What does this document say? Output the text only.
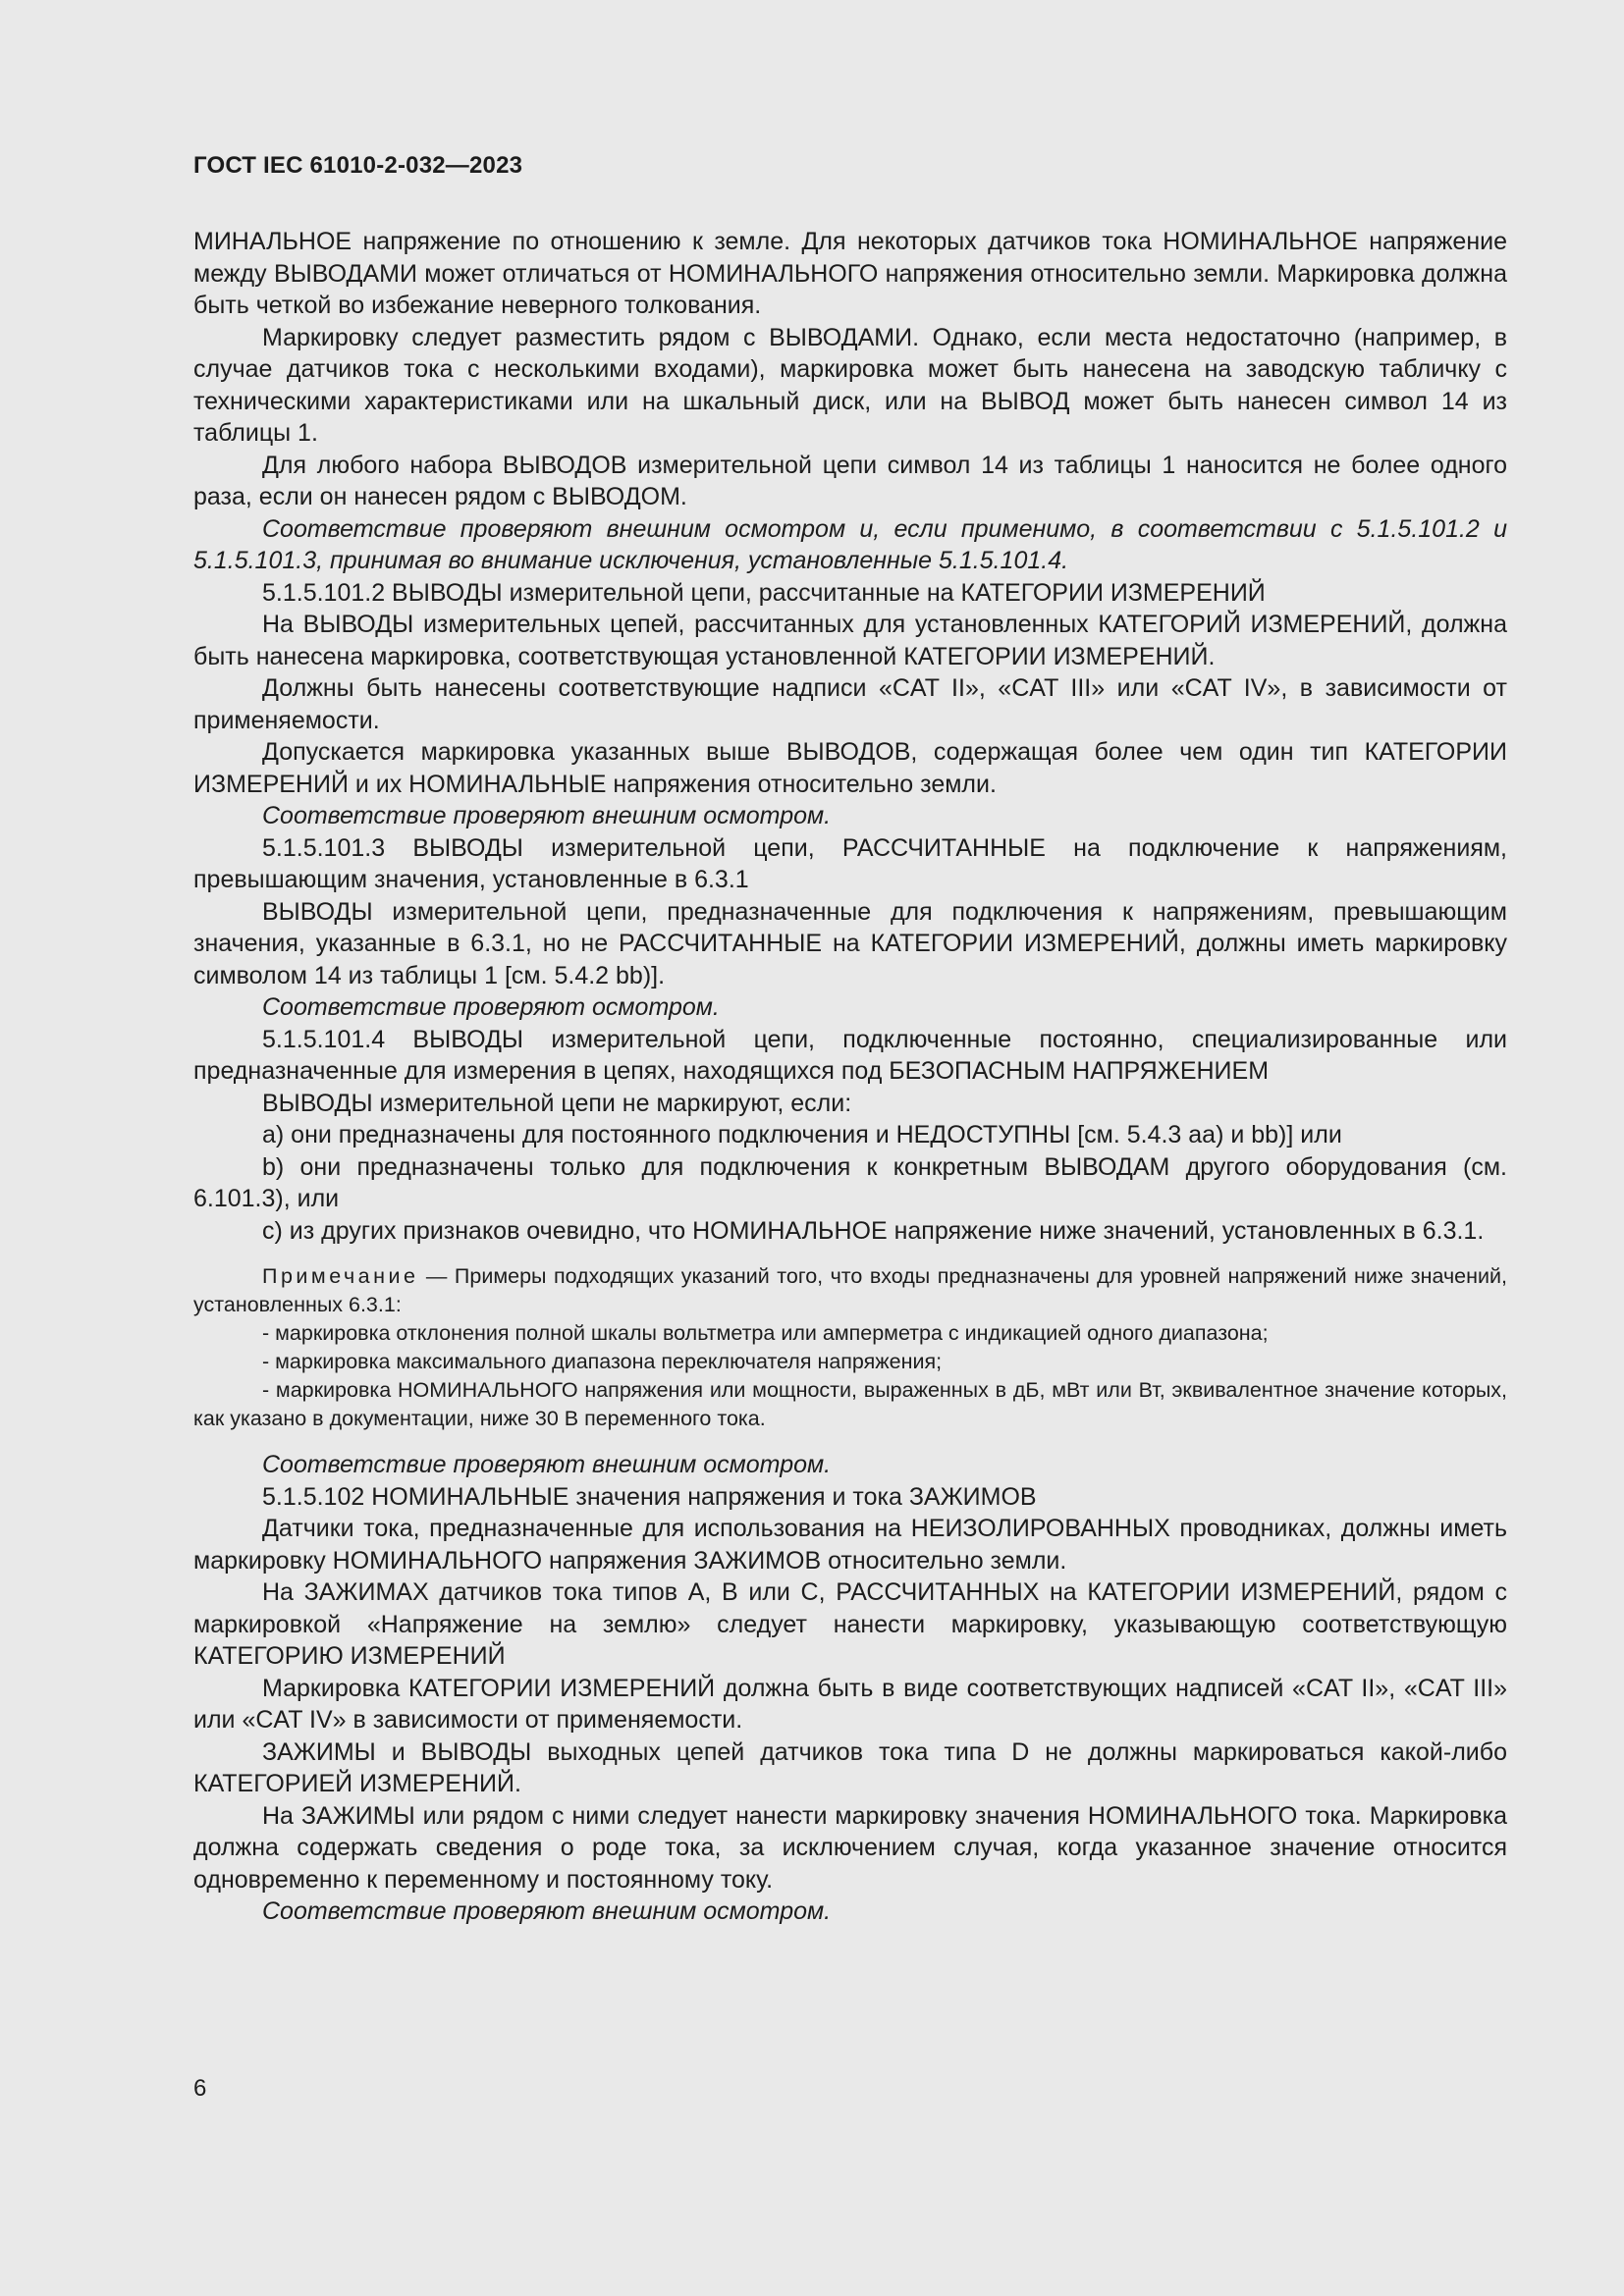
ГОСТ IEC 61010-2-032—2023

МИНАЛЬНОЕ напряжение по отношению к земле. Для некоторых датчиков тока НОМИНАЛЬНОЕ напряжение между ВЫВОДАМИ может отличаться от НОМИНАЛЬНОГО напряжения относительно земли. Маркировка должна быть четкой во избежание неверного толкования.

Маркировку следует разместить рядом с ВЫВОДАМИ. Однако, если места недостаточно (например, в случае датчиков тока с несколькими входами), маркировка может быть нанесена на заводскую табличку с техническими характеристиками или на шкальный диск, или на ВЫВОД может быть нанесен символ 14 из таблицы 1.

Для любого набора ВЫВОДОВ измерительной цепи символ 14 из таблицы 1 наносится не более одного раза, если он нанесен рядом с ВЫВОДОМ.

Соответствие проверяют внешним осмотром и, если применимо, в соответствии с 5.1.5.101.2 и 5.1.5.101.3, принимая во внимание исключения, установленные 5.1.5.101.4.

5.1.5.101.2 ВЫВОДЫ измерительной цепи, рассчитанные на КАТЕГОРИИ ИЗМЕРЕНИЙ

На ВЫВОДЫ измерительных цепей, рассчитанных для установленных КАТЕГОРИЙ ИЗМЕРЕНИЙ, должна быть нанесена маркировка, соответствующая установленной КАТЕГОРИИ ИЗМЕРЕНИЙ.

Должны быть нанесены соответствующие надписи «CAT II», «CAT III» или «CAT IV», в зависимости от применяемости.

Допускается маркировка указанных выше ВЫВОДОВ, содержащая более чем один тип КАТЕГОРИИ ИЗМЕРЕНИЙ и их НОМИНАЛЬНЫЕ напряжения относительно земли.

Соответствие проверяют внешним осмотром.

5.1.5.101.3 ВЫВОДЫ измерительной цепи, РАССЧИТАННЫЕ на подключение к напряжениям, превышающим значения, установленные в 6.3.1

ВЫВОДЫ измерительной цепи, предназначенные для подключения к напряжениям, превышающим значения, указанные в 6.3.1, но не РАССЧИТАННЫЕ на КАТЕГОРИИ ИЗМЕРЕНИЙ, должны иметь маркировку символом 14 из таблицы 1 [см. 5.4.2 bb)].

Соответствие проверяют осмотром.

5.1.5.101.4 ВЫВОДЫ измерительной цепи, подключенные постоянно, специализированные или предназначенные для измерения в цепях, находящихся под БЕЗОПАСНЫМ НАПРЯЖЕНИЕМ

ВЫВОДЫ измерительной цепи не маркируют, если:

a) они предназначены для постоянного подключения и НЕДОСТУПНЫ [см. 5.4.3 aa) и bb)] или

b) они предназначены только для подключения к конкретным ВЫВОДАМ другого оборудования (см. 6.101.3), или

c) из других признаков очевидно, что НОМИНАЛЬНОЕ напряжение ниже значений, установленных в 6.3.1.

Примечание — Примеры подходящих указаний того, что входы предназначены для уровней напряжений ниже значений, установленных 6.3.1:

- маркировка отклонения полной шкалы вольтметра или амперметра с индикацией одного диапазона;

- маркировка максимального диапазона переключателя напряжения;

- маркировка НОМИНАЛЬНОГО напряжения или мощности, выраженных в дБ, мВт или Вт, эквивалентное значение которых, как указано в документации, ниже 30 В переменного тока.

Соответствие проверяют внешним осмотром.

5.1.5.102 НОМИНАЛЬНЫЕ значения напряжения и тока ЗАЖИМОВ

Датчики тока, предназначенные для использования на НЕИЗОЛИРОВАННЫХ проводниках, должны иметь маркировку НОМИНАЛЬНОГО напряжения ЗАЖИМОВ относительно земли.

На ЗАЖИМАХ датчиков тока типов A, B или C, РАССЧИТАННЫХ на КАТЕГОРИИ ИЗМЕРЕНИЙ, рядом с маркировкой «Напряжение на землю» следует нанести маркировку, указывающую соответствующую КАТЕГОРИЮ ИЗМЕРЕНИЙ

Маркировка КАТЕГОРИИ ИЗМЕРЕНИЙ должна быть в виде соответствующих надписей «CAT II», «CAT III» или «CAT IV» в зависимости от применяемости.

ЗАЖИМЫ и ВЫВОДЫ выходных цепей датчиков тока типа D не должны маркироваться какой-либо КАТЕГОРИЕЙ ИЗМЕРЕНИЙ.

На ЗАЖИМЫ или рядом с ними следует нанести маркировку значения НОМИНАЛЬНОГО тока. Маркировка должна содержать сведения о роде тока, за исключением случая, когда указанное значение относится одновременно к переменному и постоянному току.

Соответствие проверяют внешним осмотром.

6
